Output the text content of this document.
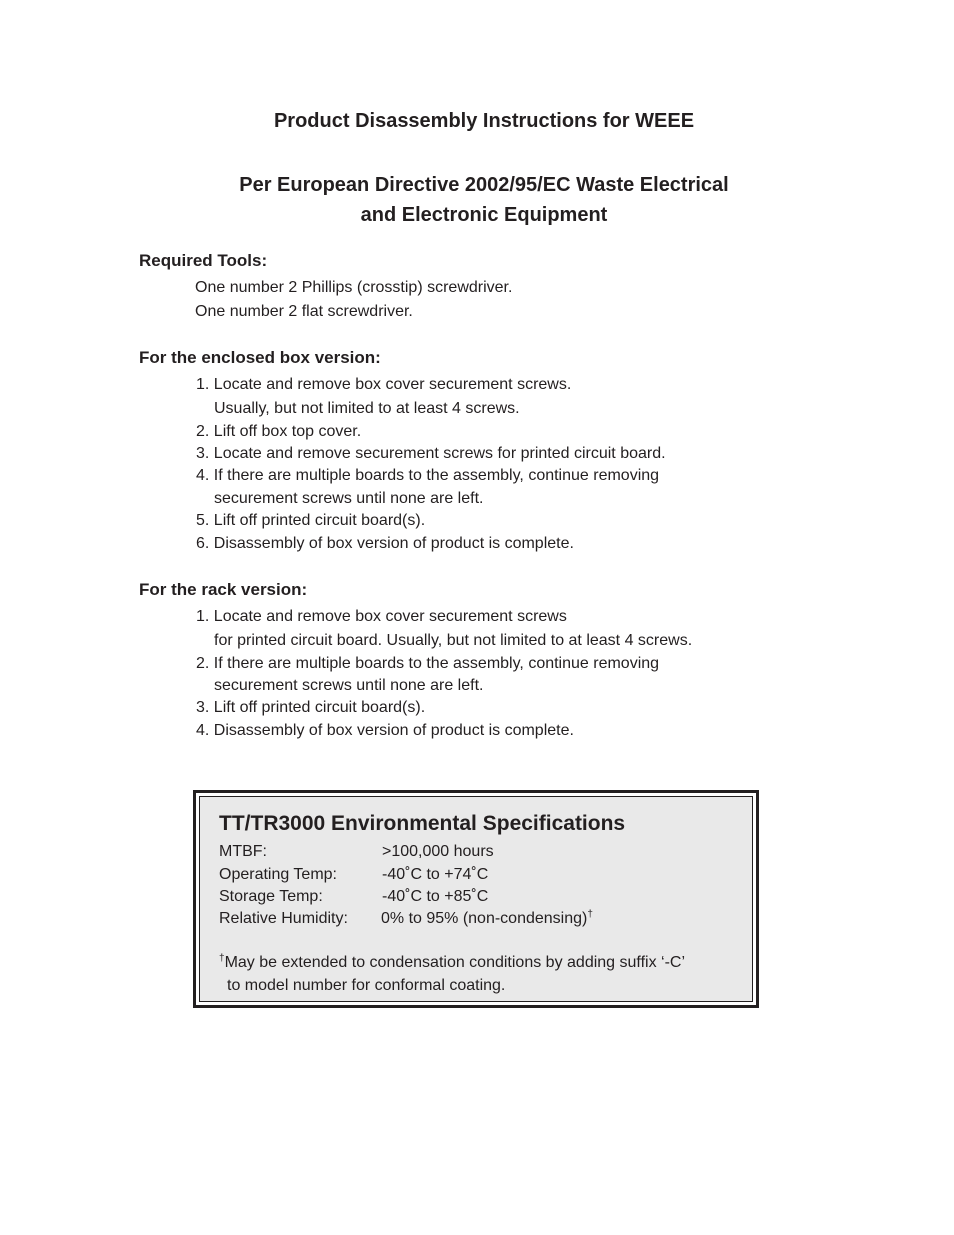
Product Disassembly Instructions for WEEE
Per European Directive 2002/95/EC Waste Electrical
and Electronic Equipment
Required Tools:

One number 2 Phillips (crosstip) screwdriver.

One number 2 flat screwdriver.

For the enclosed box version:

1. Locate and remove box cover securement screws.

Usually, but not limited to at least 4 screws.

2. Lift off box top cover.

3. Locate and remove securement screws for printed circuit board.

4. If there are multiple boards to the assembly, continue removing

securement screws until none are left.

5. Lift off printed circuit board(s).

6. Disassembly of box version of product is complete.

For the rack version:

1. Locate and remove box cover securement screws

for printed circuit board. Usually, but not limited to at least 4 screws.

2. If there are multiple boards to the assembly, continue removing

securement screws until none are left.

3. Lift off printed circuit board(s).

4. Disassembly of box version of product is complete.

TT/TR3000 Environmental Specifications
MTBF:	>100,000 hours
Operating Temp:	-40˚C to +74˚C
Storage Temp:	-40˚C to +85˚C
Relative Humidity: 0% to 95% (non-condensing)†
†May be extended to condensation conditions by adding suffix ‘-C’
to model number for conformal coating.
